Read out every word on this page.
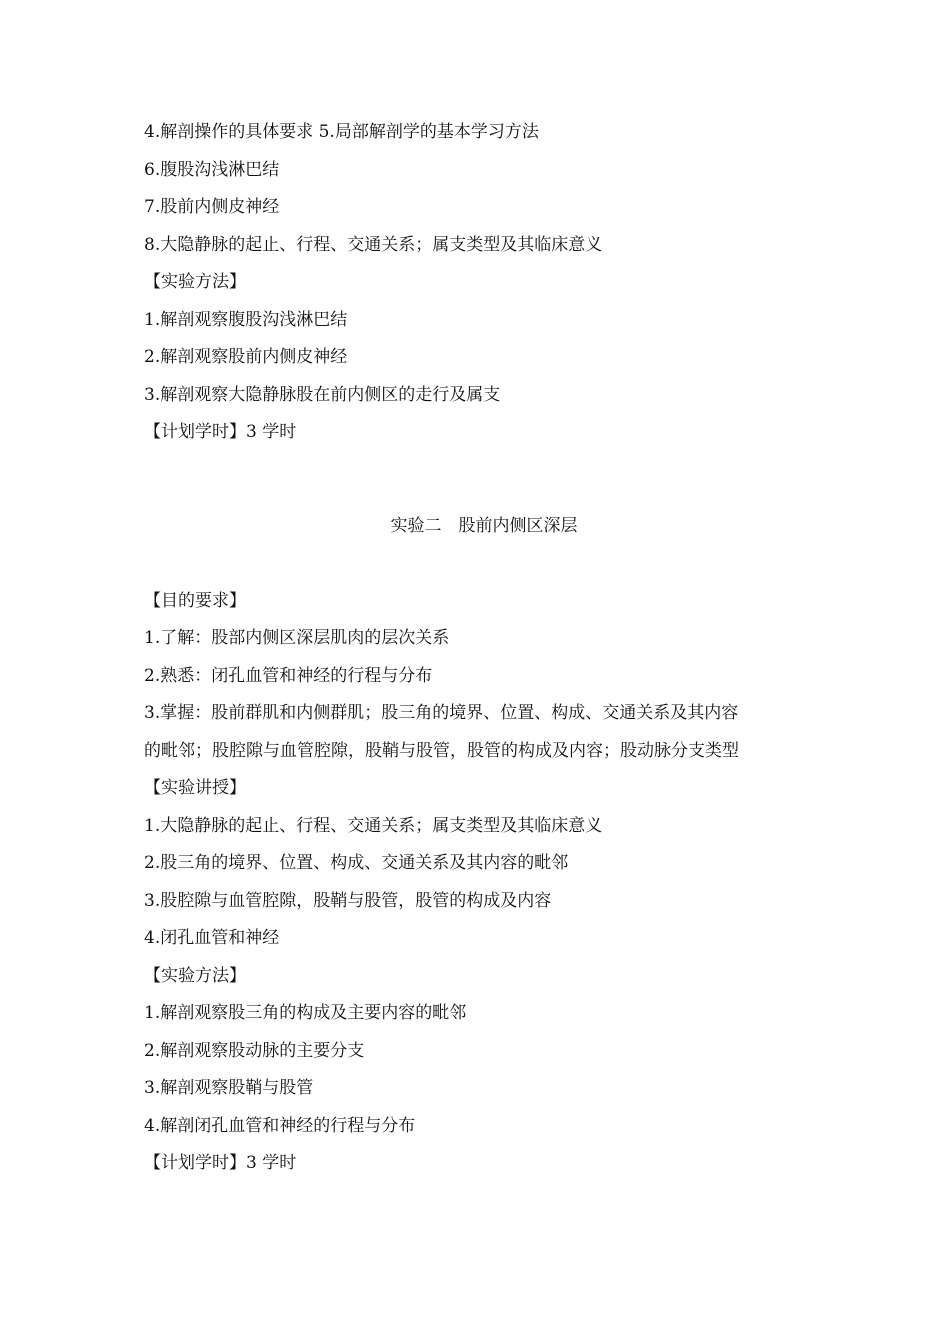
4.解剖操作的具体要求 5.局部解剖学的基本学习方法

6.腹股沟浅淋巴结

7.股前内侧皮神经

8.大隐静脉的起止、行程、交通关系；属支类型及其临床意义

【实验方法】

1.解剖观察腹股沟浅淋巴结

2.解剖观察股前内侧皮神经

3.解剖观察大隐静脉股在前内侧区的走行及属支

【计划学时】3 学时

实验二　股前内侧区深层

【目的要求】

1.了解：股部内侧区深层肌肉的层次关系

2.熟悉：闭孔血管和神经的行程与分布

3.掌握：股前群肌和内侧群肌；股三角的境界、位置、构成、交通关系及其内容

的毗邻；股腔隙与血管腔隙，股鞘与股管，股管的构成及内容；股动脉分支类型

【实验讲授】

1.大隐静脉的起止、行程、交通关系；属支类型及其临床意义

2.股三角的境界、位置、构成、交通关系及其内容的毗邻

3.股腔隙与血管腔隙，股鞘与股管，股管的构成及内容

4.闭孔血管和神经

【实验方法】

1.解剖观察股三角的构成及主要内容的毗邻

2.解剖观察股动脉的主要分支

3.解剖观察股鞘与股管

4.解剖闭孔血管和神经的行程与分布

【计划学时】3 学时
